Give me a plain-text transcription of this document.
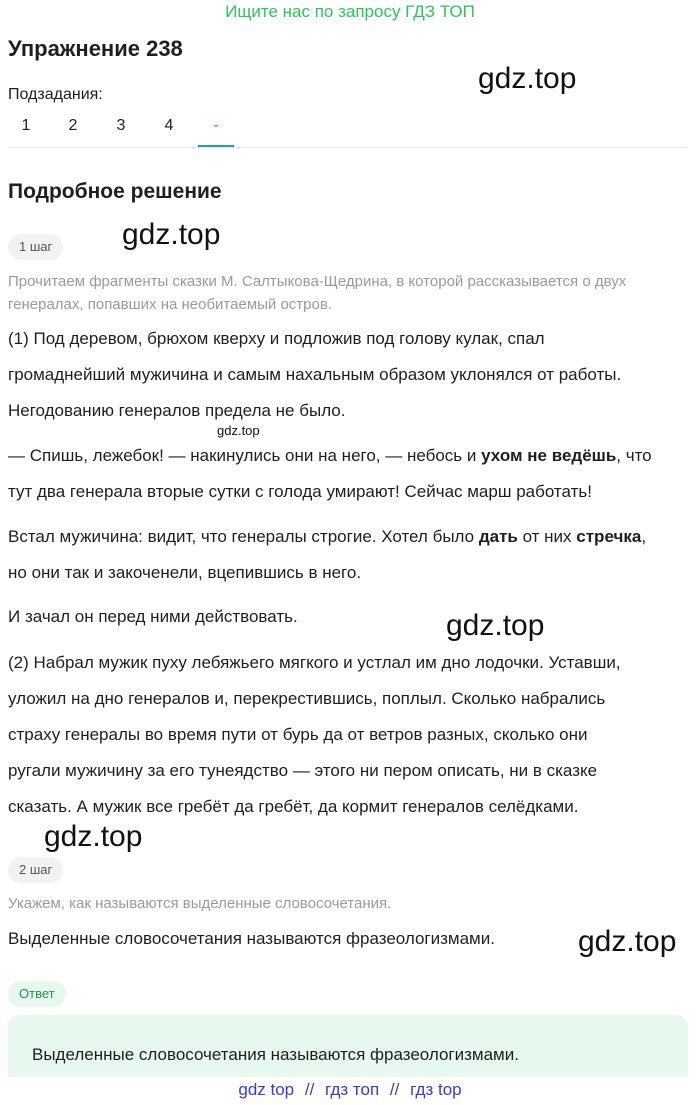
Ищите нас по запросу ГДЗ ТОП
Упражнение 238
gdz.top
Подзадания:
1	2	3	4	-
Подробное решение
1 шаг	gdz.top
Прочитаем фрагменты сказки М. Салтыкова-Щедрина, в которой рассказывается о двух
генералах, попавших на необитаемый остров.
(1) Под деревом, брюхом кверху и подложив под голову кулак, спал
громаднейший мужичина и самым нахальным образом уклонялся от работы.
Негодованию генералов предела не было.
gdz.top
— Спишь, лежебок! — накинулись они на него, — небось и ухом не ведёшь, что
тут два генерала вторые сутки с голода умирают! Сейчас марш работать!
Встал мужичина: видит, что генералы строгие. Хотел было дать от них стречка,
но они так и закоченели, вцепившись в него.
И зачал он перед ними действовать.	gdz.top
(2) Набрал мужик пуху лебяжьего мягкого и устлал им дно лодочки. Уставши,
уложил на дно генералов и, перекрестившись, поплыл. Сколько набрались
страху генералы во время пути от бурь да от ветров разных, сколько они
ругали мужичину за его тунеядство — этого ни пером описать, ни в сказке
сказать. А мужик все гребёт да гребёт, да кормит генералов селёдками.
gdz.top
2 шаг
Укажем, как называются выделенные словосочетания.
Выделенные словосочетания называются фразеологизмами.	gdz.top
Ответ
Выделенные словосочетания называются фразеологизмами.
gdz top // гдз топ // гдз top
